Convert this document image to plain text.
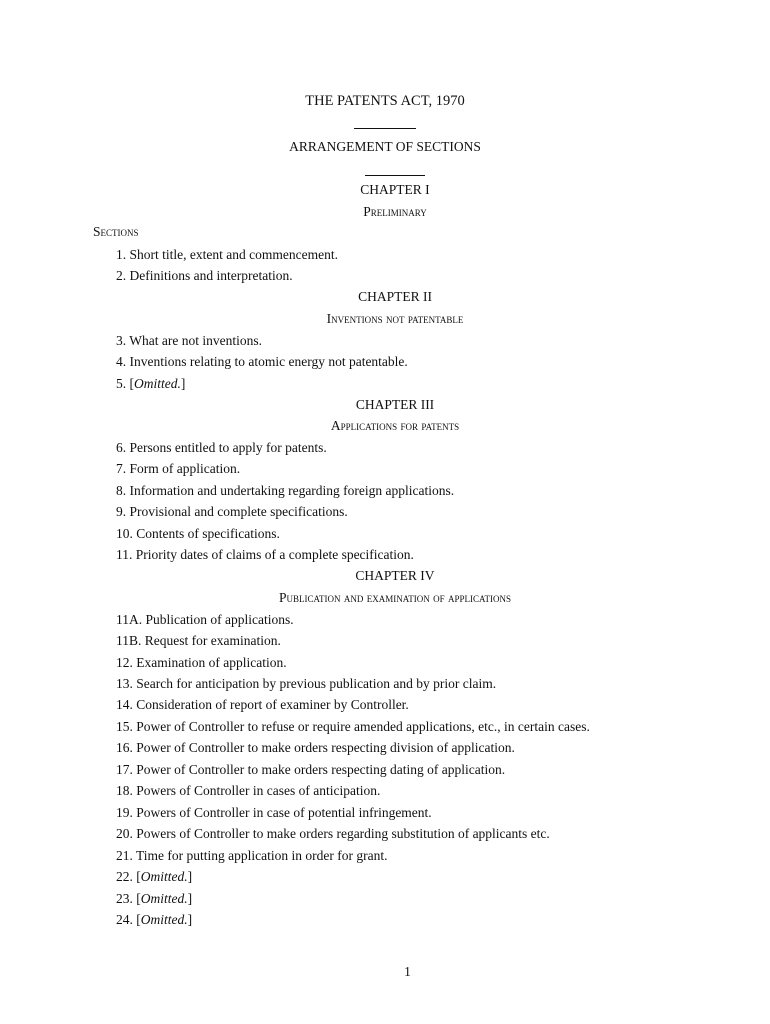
THE PATENTS ACT, 1970
ARRANGEMENT OF SECTIONS
CHAPTER I
Preliminary
Sections
CHAPTER II
Inventions not patentable
CHAPTER III
Applications for patents
CHAPTER IV
Publication and examination of applications
1. Short title, extent and commencement.
2. Definitions and interpretation.
3. What are not inventions.
4. Inventions relating to atomic energy not patentable.
5. [Omitted.]
6. Persons entitled to apply for patents.
7. Form of application.
8. Information and undertaking regarding foreign applications.
9. Provisional and complete specifications.
10. Contents of specifications.
11. Priority dates of claims of a complete specification.
11A. Publication of applications.
11B. Request for examination.
12. Examination of application.
13. Search for anticipation by previous publication and by prior claim.
14. Consideration of report of examiner by Controller.
15. Power of Controller to refuse or require amended applications, etc., in certain cases.
16. Power of Controller to make orders respecting division of application.
17. Power of Controller to make orders respecting dating of application.
18. Powers of Controller in cases of anticipation.
19. Powers of Controller in case of potential infringement.
20. Powers of Controller to make orders regarding substitution of applicants etc.
21. Time for putting application in order for grant.
22. [Omitted.]
23. [Omitted.]
24. [Omitted.]
1
